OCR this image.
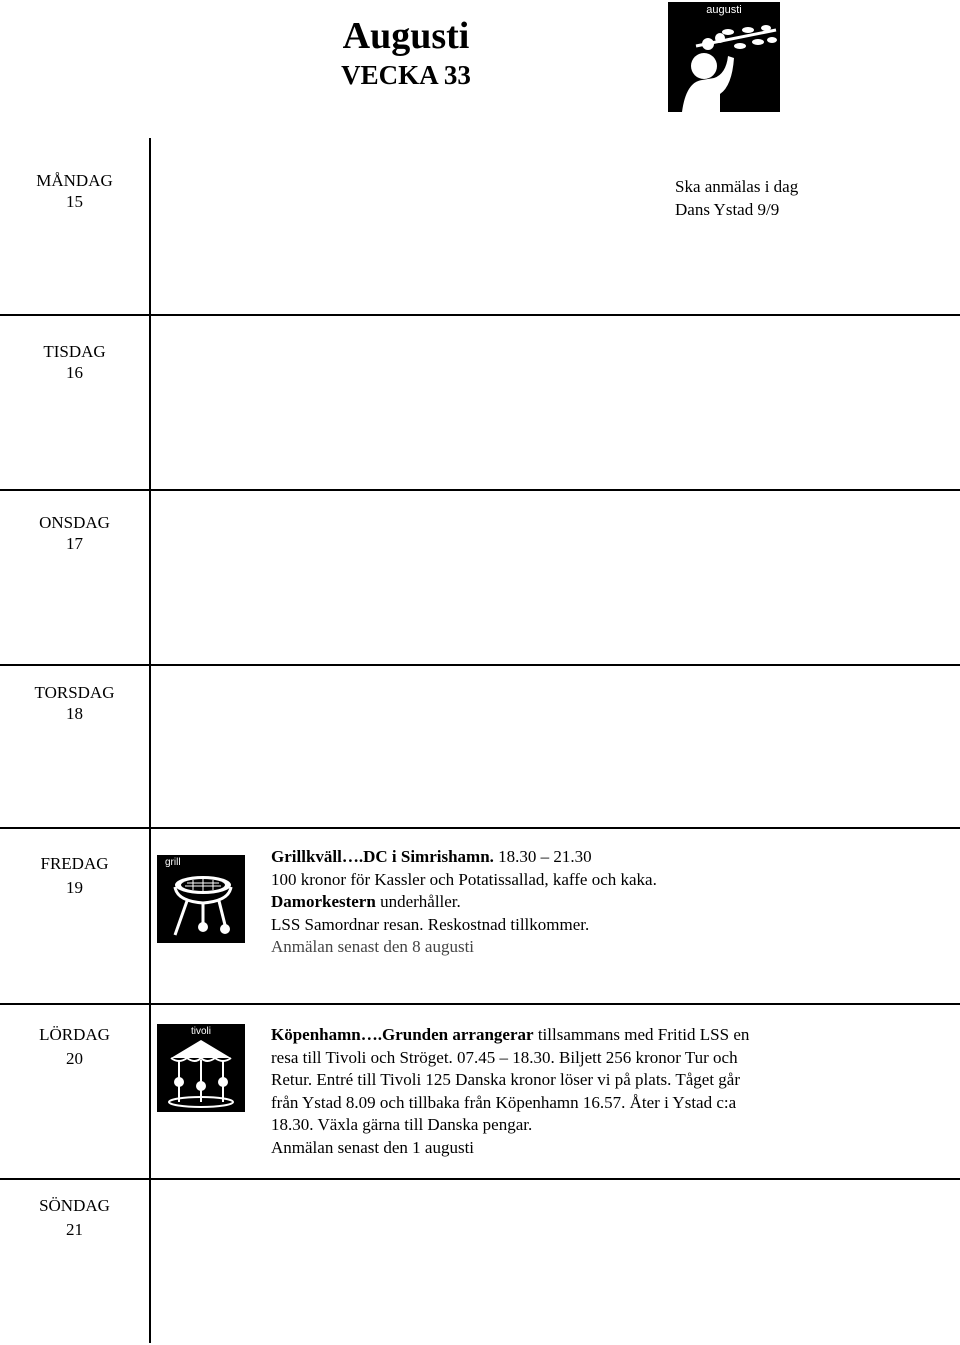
Augusti
VECKA 33
augusti
MÅNDAG
15
TISDAG
16
ONSDAG
17
TORSDAG
18
FREDAG
19
LÖRDAG
20
SÖNDAG
21
Ska anmälas i dag
Dans Ystad 9/9
grill	Grillkväll….DC i Simrishamn. 18.30 – 21.30
100 kronor för Kassler och Potatissallad, kaffe och kaka.
Damorkestern underhåller.
LSS Samordnar resan. Reskostnad tillkommer.
Anmälan senast den 8 augusti
tivoli	Köpenhamn….Grunden arrangerar tillsammans med Fritid LSS en
resa till Tivoli och Ströget. 07.45 – 18.30. Biljett 256 kronor Tur och
Retur. Entré till Tivoli 125 Danska kronor löser vi på plats. Tåget går
från Ystad 8.09 och tillbaka från Köpenhamn 16.57. Åter i Ystad c:a
18.30. Växla gärna till Danska pengar.
Anmälan senast den 1 augusti
